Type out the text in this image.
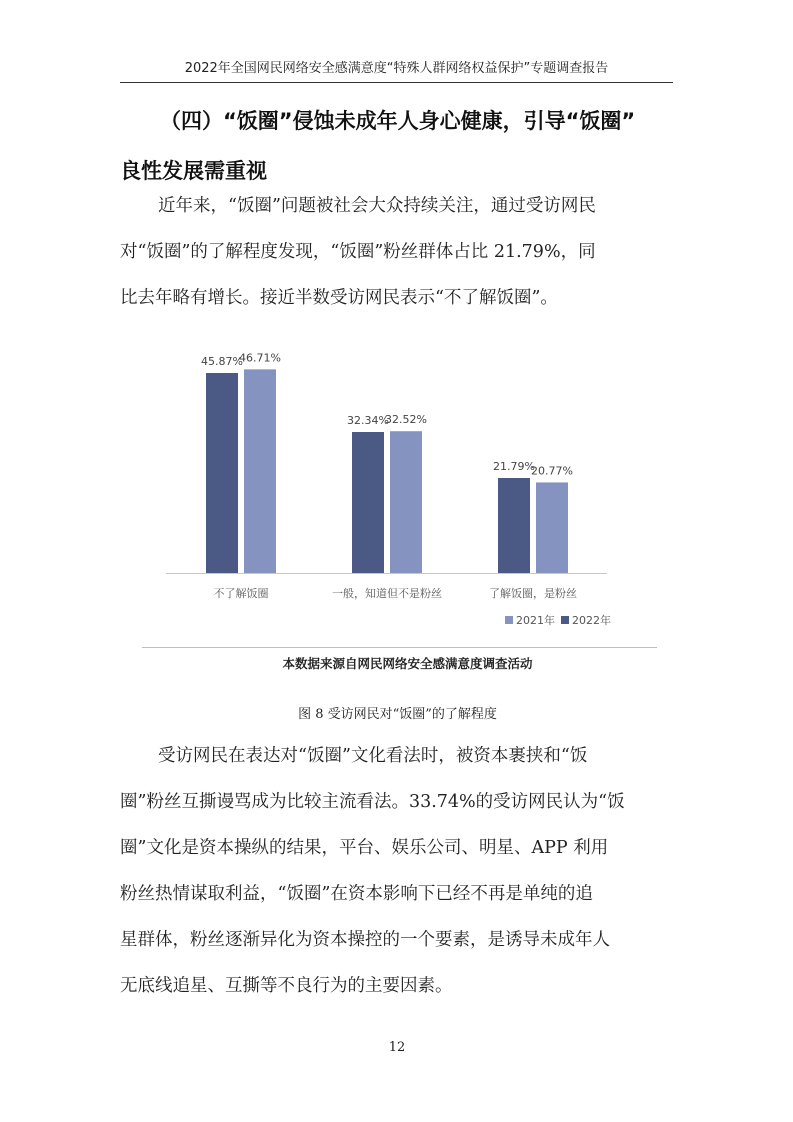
2022年全国网民网络安全感满意度“特殊人群网络权益保护”专题调查报告
（四）“饭圈”侵蚀未成年人身心健康，引导“饭圈”
良性发展需重视
近年来，“饭圈”问题被社会大众持续关注，通过受访网民
对“饭圈”的了解程度发现，“饭圈”粉丝群体占比 21.79%，同
比去年略有增长。接近半数受访网民表示“不了解饭圈”。
45.87%
46.71%
不了解饭圈
32.34%
32.52%
一般，知道但不是粉丝
21.79%
20.77%
了解饭圈，是粉丝
2021年 2022年
本数据来源自网民网络安全感满意度调查活动
图 8 受访网民对“饭圈”的了解程度
受访网民在表达对“饭圈”文化看法时，被资本裹挟和“饭
圈”粉丝互撕谩骂成为比较主流看法。33.74%的受访网民认为“饭
圈”文化是资本操纵的结果，平台、娱乐公司、明星、APP 利用
粉丝热情谋取利益，“饭圈”在资本影响下已经不再是单纯的追
星群体，粉丝逐渐异化为资本操控的一个要素，是诱导未成年人
无底线追星、互撕等不良行为的主要因素。
12
